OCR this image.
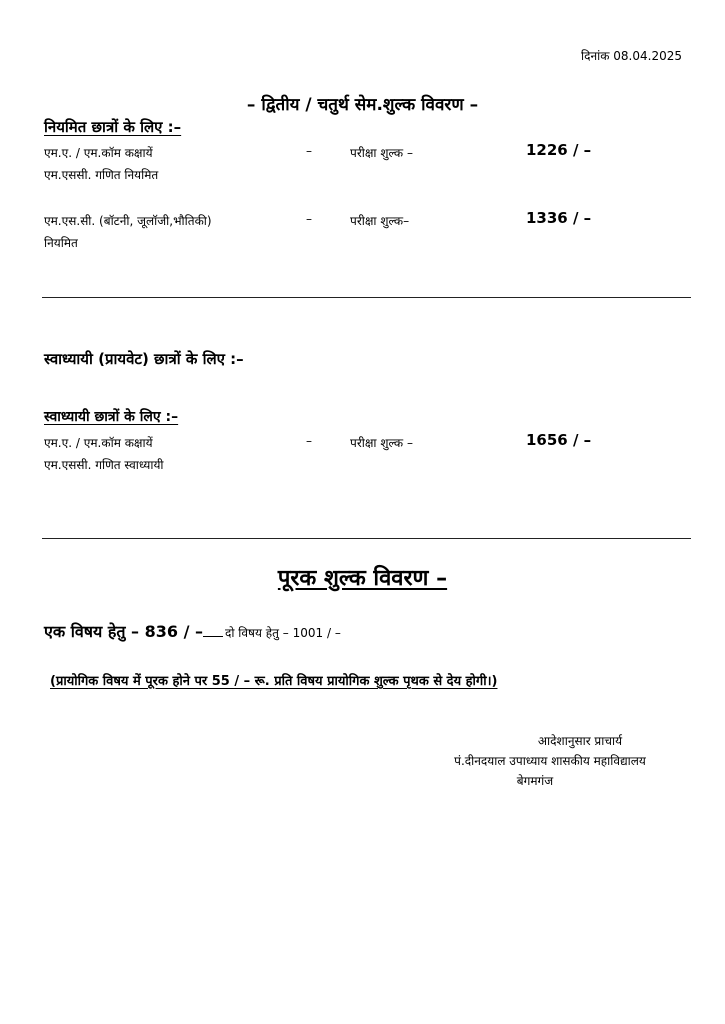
दिनांक 08.04.2025
– द्वितीय / चतुर्थ सेम.शुल्क विवरण –
नियमित छात्रों के लिए :–
एम.ए. / एम.कॉम कक्षायें
एम.एससी. गणित नियमित
–	परीक्षा शुल्क –	1226 / –
एम.एस.सी. (बॉटनी, जूलॉजी,भौतिकी)
नियमित
–	परीक्षा शुल्क–	1336 / –
स्वाध्यायी (प्रायवेट) छात्रों के लिए :–
स्वाध्यायी छात्रों के लिए :–
एम.ए. / एम.कॉम कक्षायें
एम.एससी. गणित स्वाध्यायी
–	परीक्षा शुल्क –	1656 / –
पूरक शुल्क विवरण –
एक विषय हेतु – 836 / – दो विषय हेतु – 1001 / –
(प्रायोगिक विषय में पूरक होने पर 55 / – रू. प्रति विषय प्रायोगिक शुल्क पृथक से देय होगी।)
आदेशानुसार प्राचार्य
पं.दीनदयाल उपाध्याय शासकीय महाविद्यालय
बेगमगंज
